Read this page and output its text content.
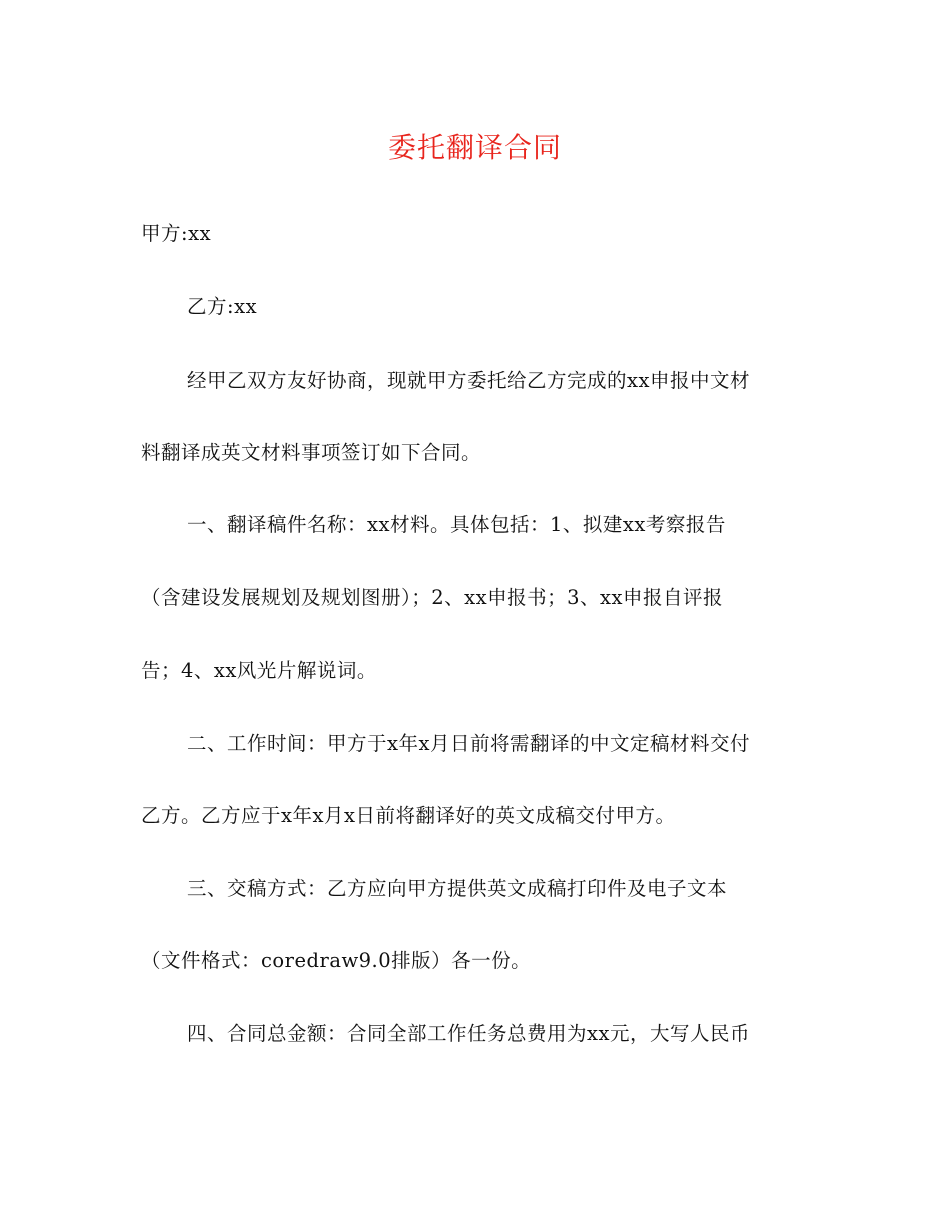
委托翻译合同
甲方:xx
乙方:xx
经甲乙双方友好协商，现就甲方委托给乙方完成的xx申报中文材
料翻译成英文材料事项签订如下合同。
一、翻译稿件名称：xx材料。具体包括：1、拟建xx考察报告
（含建设发展规划及规划图册）；2、xx申报书；3、xx申报自评报
告；4、xx风光片解说词。
二、工作时间：甲方于x年x月日前将需翻译的中文定稿材料交付
乙方。乙方应于x年x月x日前将翻译好的英文成稿交付甲方。
三、交稿方式：乙方应向甲方提供英文成稿打印件及电子文本
（文件格式：coredraw9.0排版）各一份。
四、合同总金额：合同全部工作任务总费用为xx元，大写人民币
